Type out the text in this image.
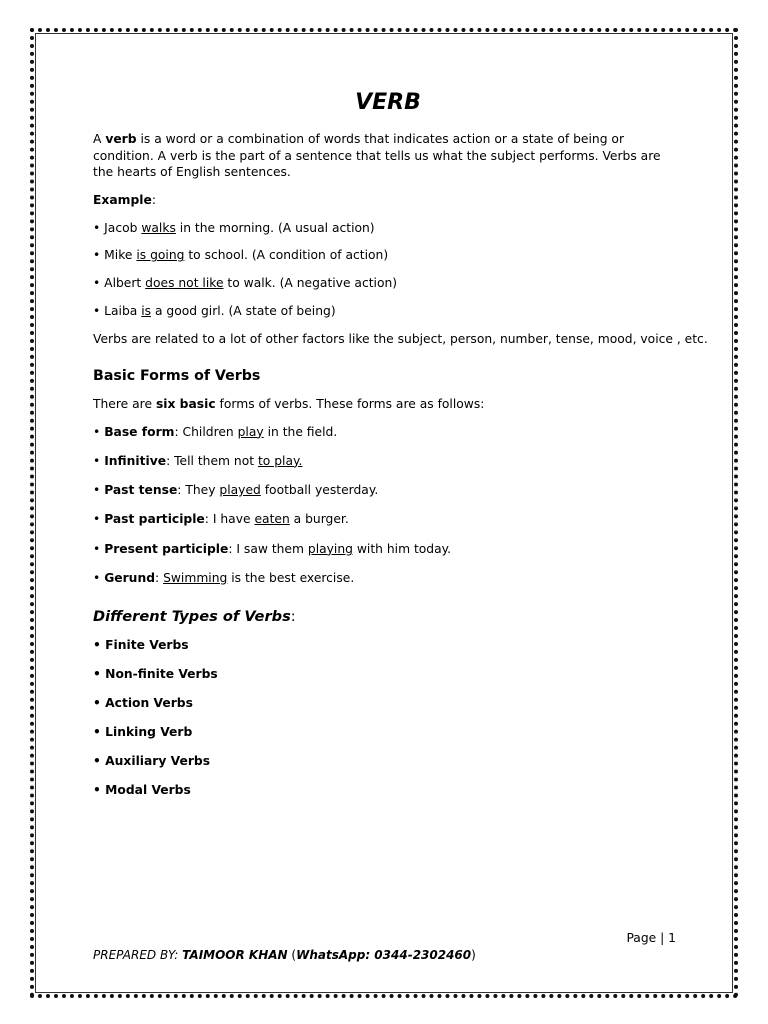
VERB

A verb is a word or a combination of words that indicates action or a state of being or condition. A verb is the part of a sentence that tells us what the subject performs. Verbs are the hearts of English sentences.

Example:
• Jacob walks in the morning. (A usual action)
• Mike is going to school. (A condition of action)
• Albert does not like to walk. (A negative action)
• Laiba is a good girl. (A state of being)
Verbs are related to a lot of other factors like the subject, person, number, tense, mood, voice , etc.
Basic Forms of Verbs
There are six basic forms of verbs. These forms are as follows:
• Base form: Children play in the field.
• Infinitive: Tell them not to play.
• Past tense: They played football yesterday.
• Past participle: I have eaten a burger.
• Present participle: I saw them playing with him today.
• Gerund: Swimming is the best exercise.
Different Types of Verbs:
• Finite Verbs
• Non-finite Verbs
• Action Verbs
• Linking Verb
• Auxiliary Verbs
• Modal Verbs
Page | 1
PREPARED BY: TAIMOOR KHAN (WhatsApp: 0344-2302460)
